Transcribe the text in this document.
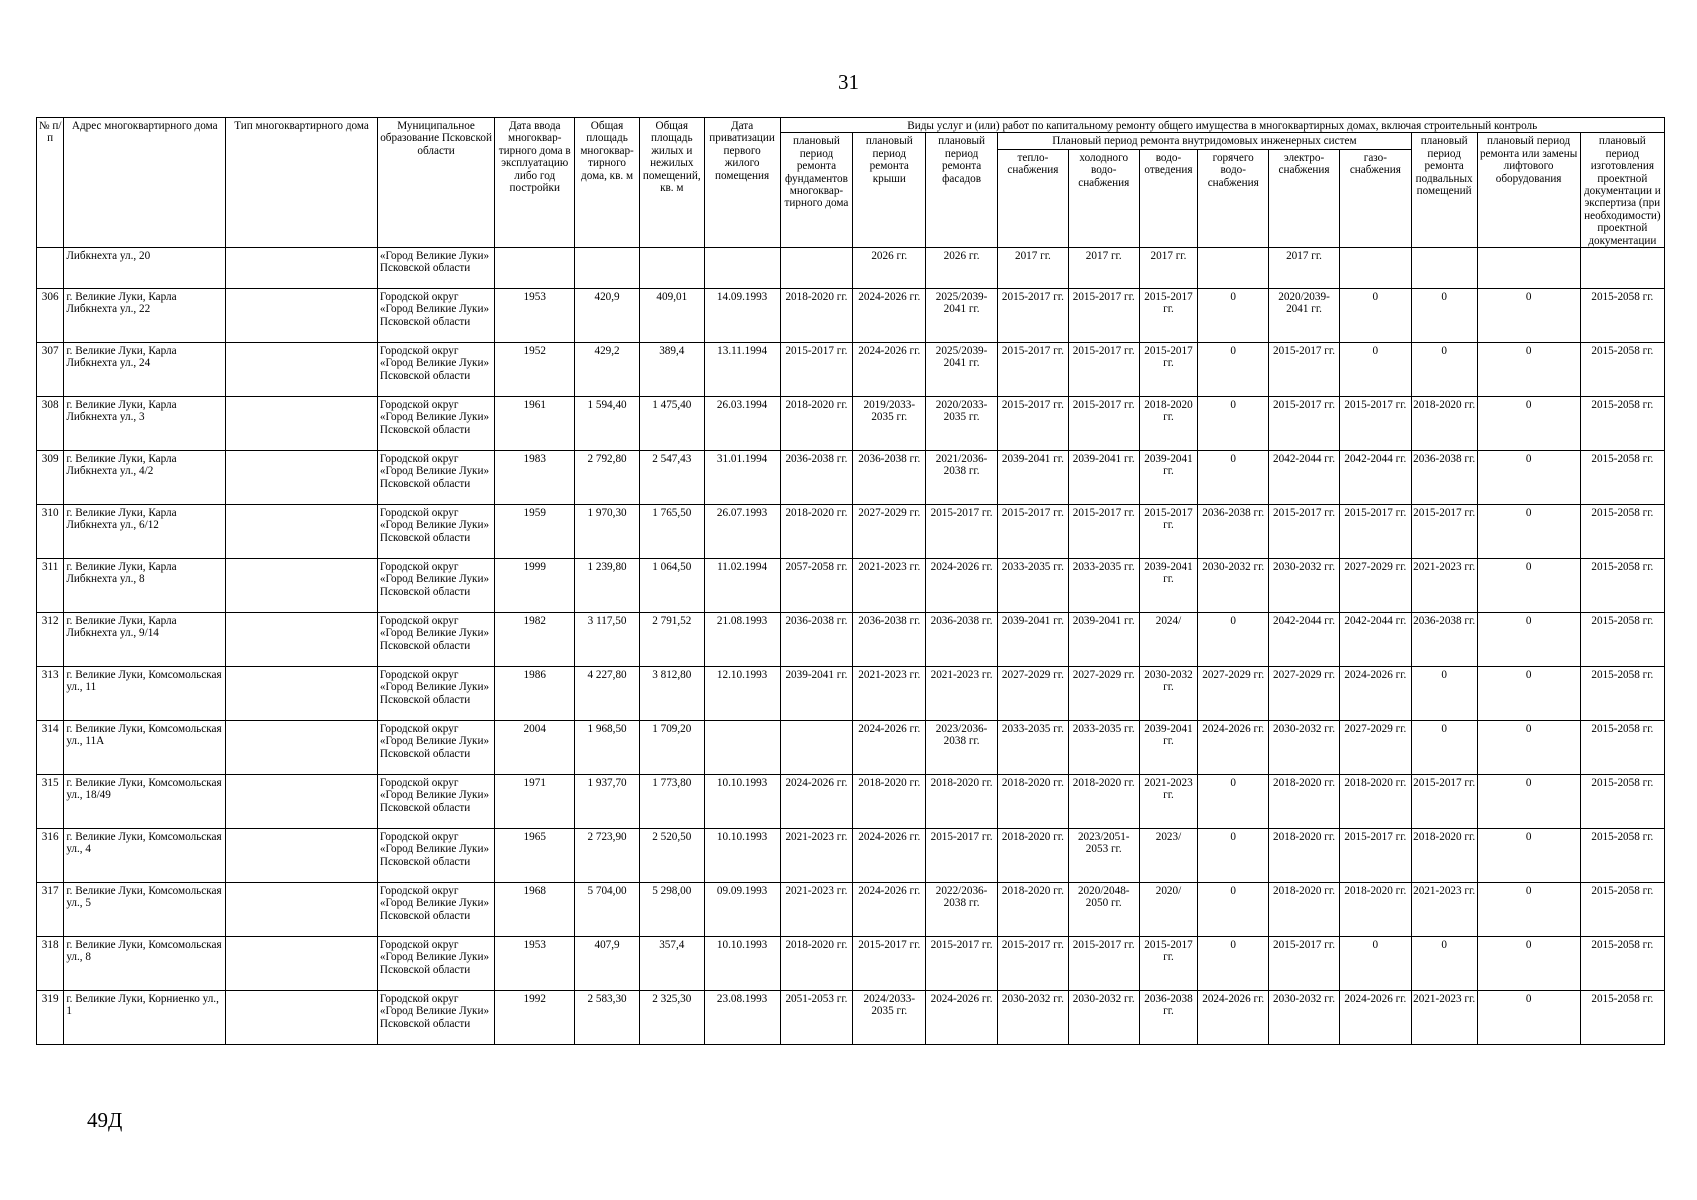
31
№ п/п	Адрес многоквартирного дома	Тип многоквартирного дома	Муниципальное образование Псковской области	Дата ввода многоквар-тирного дома в эксплуатацию либо год постройки	Общая площадь многоквар-тирного дома, кв. м	Общая площадь жилых и нежилых помещений, кв. м	Дата приватизации первого жилого помещения	Виды услуг и (или) работ по капитальному ремонту общего имущества в многоквартирных домах, включая строительный контроль											
								плановый период ремонта фундаментов многоквар-тирного дома	плановый период ремонта крыши	плановый период ремонта фасадов	Плановый период ремонта внутридомовых инженерных систем						плановый период ремонта подвальных помещений	плановый период ремонта или замены лифтового оборудования	плановый период изготовления проектной документации и экспертиза (при необходимости) проектной документации
											тепло-снабжения	холодного водо-снабжения	водо-отведения	горячего водо-снабжения	электро-снабжения	газо-снабжения			
	Либкнехта ул., 20		«Город Великие Луки» Псковской области						2026 гг.	2026 гг.	2017 гг.	2017 гг.	2017 гг.		2017 гг.				
306	г. Великие Луки, Карла Либкнехта ул., 22		Городской округ «Город Великие Луки» Псковской области	1953	420,9	409,01	14.09.1993	2018-2020 гг.	2024-2026 гг.	2025/2039-2041 гг.	2015-2017 гг.	2015-2017 гг.	2015-2017 гг.	0	2020/2039-2041 гг.	0	0	0	2015-2058 гг.
307	г. Великие Луки, Карла Либкнехта ул., 24		Городской округ «Город Великие Луки» Псковской области	1952	429,2	389,4	13.11.1994	2015-2017 гг.	2024-2026 гг.	2025/2039-2041 гг.	2015-2017 гг.	2015-2017 гг.	2015-2017 гг.	0	2015-2017 гг.	0	0	0	2015-2058 гг.
308	г. Великие Луки, Карла Либкнехта ул., 3		Городской округ «Город Великие Луки» Псковской области	1961	1 594,40	1 475,40	26.03.1994	2018-2020 гг.	2019/2033-2035 гг.	2020/2033-2035 гг.	2015-2017 гг.	2015-2017 гг.	2018-2020 гг.	0	2015-2017 гг.	2015-2017 гг.	2018-2020 гг.	0	2015-2058 гг.
309	г. Великие Луки, Карла Либкнехта ул., 4/2		Городской округ «Город Великие Луки» Псковской области	1983	2 792,80	2 547,43	31.01.1994	2036-2038 гг.	2036-2038 гг.	2021/2036-2038 гг.	2039-2041 гг.	2039-2041 гг.	2039-2041 гг.	0	2042-2044 гг.	2042-2044 гг.	2036-2038 гг.	0	2015-2058 гг.
310	г. Великие Луки, Карла Либкнехта ул., 6/12		Городской округ «Город Великие Луки» Псковской области	1959	1 970,30	1 765,50	26.07.1993	2018-2020 гг.	2027-2029 гг.	2015-2017 гг.	2015-2017 гг.	2015-2017 гг.	2015-2017 гг.	2036-2038 гг.	2015-2017 гг.	2015-2017 гг.	2015-2017 гг.	0	2015-2058 гг.
311	г. Великие Луки, Карла Либкнехта ул., 8		Городской округ «Город Великие Луки» Псковской области	1999	1 239,80	1 064,50	11.02.1994	2057-2058 гг.	2021-2023 гг.	2024-2026 гг.	2033-2035 гг.	2033-2035 гг.	2039-2041 гг.	2030-2032 гг.	2030-2032 гг.	2027-2029 гг.	2021-2023 гг.	0	2015-2058 гг.
312	г. Великие Луки, Карла Либкнехта ул., 9/14		Городской округ «Город Великие Луки» Псковской области	1982	3 117,50	2 791,52	21.08.1993	2036-2038 гг.	2036-2038 гг.	2036-2038 гг.	2039-2041 гг.	2039-2041 гг.	2024/	0	2042-2044 гг.	2042-2044 гг.	2036-2038 гг.	0	2015-2058 гг.
313	г. Великие Луки, Комсомольская ул., 11		Городской округ «Город Великие Луки» Псковской области	1986	4 227,80	3 812,80	12.10.1993	2039-2041 гг.	2021-2023 гг.	2021-2023 гг.	2027-2029 гг.	2027-2029 гг.	2030-2032 гг.	2027-2029 гг.	2027-2029 гг.	2024-2026 гг.	0	0	2015-2058 гг.
314	г. Великие Луки, Комсомольская ул., 11А		Городской округ «Город Великие Луки» Псковской области	2004	1 968,50	1 709,20			2024-2026 гг.	2023/2036-2038 гг.	2033-2035 гг.	2033-2035 гг.	2039-2041 гг.	2024-2026 гг.	2030-2032 гг.	2027-2029 гг.	0	0	2015-2058 гг.
315	г. Великие Луки, Комсомольская ул., 18/49		Городской округ «Город Великие Луки» Псковской области	1971	1 937,70	1 773,80	10.10.1993	2024-2026 гг.	2018-2020 гг.	2018-2020 гг.	2018-2020 гг.	2018-2020 гг.	2021-2023 гг.	0	2018-2020 гг.	2018-2020 гг.	2015-2017 гг.	0	2015-2058 гг.
316	г. Великие Луки, Комсомольская ул., 4		Городской округ «Город Великие Луки» Псковской области	1965	2 723,90	2 520,50	10.10.1993	2021-2023 гг.	2024-2026 гг.	2015-2017 гг.	2018-2020 гг.	2023/2051-2053 гг.	2023/	0	2018-2020 гг.	2015-2017 гг.	2018-2020 гг.	0	2015-2058 гг.
317	г. Великие Луки, Комсомольская ул., 5		Городской округ «Город Великие Луки» Псковской области	1968	5 704,00	5 298,00	09.09.1993	2021-2023 гг.	2024-2026 гг.	2022/2036-2038 гг.	2018-2020 гг.	2020/2048-2050 гг.	2020/	0	2018-2020 гг.	2018-2020 гг.	2021-2023 гг.	0	2015-2058 гг.
318	г. Великие Луки, Комсомольская ул., 8		Городской округ «Город Великие Луки» Псковской области	1953	407,9	357,4	10.10.1993	2018-2020 гг.	2015-2017 гг.	2015-2017 гг.	2015-2017 гг.	2015-2017 гг.	2015-2017 гг.	0	2015-2017 гг.	0	0	0	2015-2058 гг.
319	г. Великие Луки, Корниенко ул., 1		Городской округ «Город Великие Луки» Псковской области	1992	2 583,30	2 325,30	23.08.1993	2051-2053 гг.	2024/2033-2035 гг.	2024-2026 гг.	2030-2032 гг.	2030-2032 гг.	2036-2038 гг.	2024-2026 гг.	2030-2032 гг.	2024-2026 гг.	2021-2023 гг.	0	2015-2058 гг.
49Д
